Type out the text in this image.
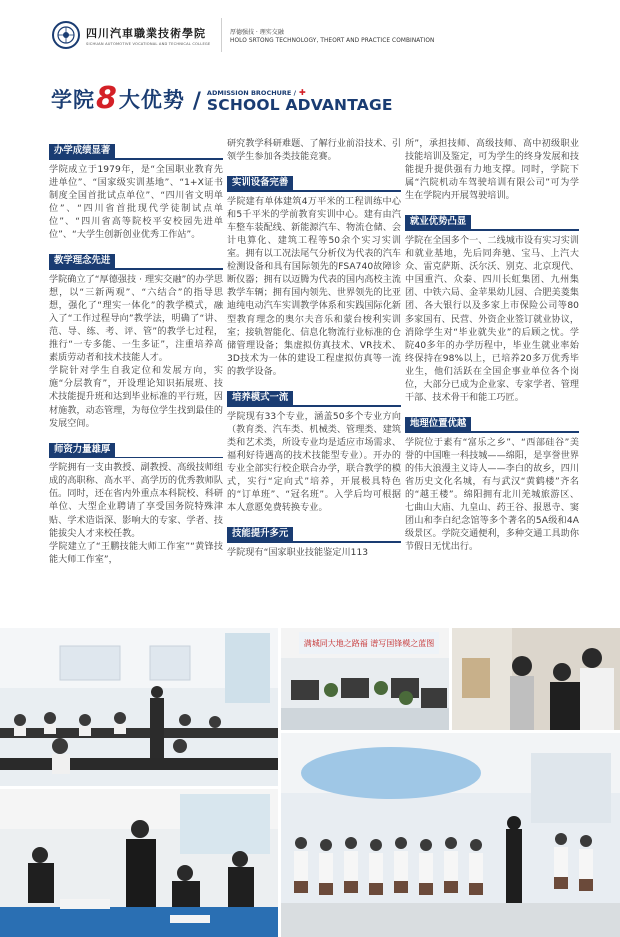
四川汽車職業技術學院
SICHUAN AUTOMOTIVE VOCATIONAL AND TECHNICAL COLLEGE
厚德强技 · 理实交融
HOLO SRTONG TECHNOLOGY, THEORT AND PRACTICE COMBINATION
学院 8 大优势 / ADMISSION BROCHURE / ✚
SCHOOL ADVANTAGE
办学成绩显著

学院成立于1979年，是“全国职业教育先进单位”、“国家级实训基地”、“1+X证书制度全国首批试点单位”、“四川省文明单位”、“四川省首批现代学徒制试点单位”、“四川省高等院校平安校园先进单位”、“大学生创新创业优秀工作站”。

教学理念先进

学院确立了“厚德强技 · 理实交融”的办学思想，以“三新两观”、“六结合”的指导思想，强化了“理实一体化”的教学模式，融入了“工作过程导向”教学法，明确了“讲、范、导、练、考、评、管”的教学七过程，推行“一专多能、一生多证”，注重培养高素质劳动者和技术技能人才。

学院针对学生自我定位和发展方向，实施“分层教育”，开设理论知识拓展班、技术技能提升班和达到毕业标准的平行班，因材施教，动态管理，为每位学生找到最佳的发展空间。

师资力量雄厚

学院拥有一支由教授、副教授、高级技师组成的高职称、高水平、高学历的优秀教师队伍。同时，还在省内外重点本科院校、科研单位、大型企业聘请了享受国务院特殊津贴、学术造诣深、影响大的专家、学者、技能拔尖人才来校任教。

学院建立了“王鹏技能大师工作室”“黄锋技能大师工作室”，

研究教学科研难题、了解行业前沿技术、引领学生参加各类技能竞赛。

实训设备完善

学院建有单体建筑4万平米的工程训练中心和5千平米的学前教育实训中心。建有由汽车整车装配线、新能源汽车、物流仓储、会计电算化、建筑工程等50余个实习实训室。拥有以工况法尾气分析仪为代表的汽车检测设备和具有国际领先的FSA740故障诊断仪器；拥有以迈腾为代表的国内高校主流教学车辆；拥有国内领先、世界领先的比亚迪纯电动汽车实训教学体系和实践国际化新型教育理念的奥尔夫音乐和蒙台梭利实训室；接轨智能化、信息化物流行业标准的仓储管理设备；集虚拟仿真技术、VR技术、3D技术为一体的建设工程虚拟仿真等一流的教学设备。

培养模式一流

学院现有33个专业，涵盖50多个专业方向（教育类、汽车类、机械类、管理类、建筑类和艺术类，所设专业均是适应市场需求、福利好待遇高的技术技能型专业）。开办的专业全部实行校企联合办学，联合教学的模式，实行“定向式”培养，开展极具特色的“订单班”、“冠名班”。入学后均可根据本人意愿免费转换专业。

技能提升多元

学院现有“国家职业技能鉴定川113

所”，承担技师、高级技师、高中初级职业技能培训及鉴定，可为学生的终身发展和技能提升提供强有力地支撑。同时，学院下属“汽院机动车驾驶培训有限公司”可为学生在学院内开展驾驶培训。

就业优势凸显

学院在全国多个一、二线城市设有实习实训和就业基地，先后同奔驰、宝马、上汽大众、雷克萨斯、沃尔沃、别克、北京现代、中国重汽、众泰、四川长虹集团、九州集团、中铁六局、金苹果幼儿园、合肥美菱集团、各大银行以及多家上市保险公司等80多家国有、民营、外资企业签订就业协议，消除学生对“毕业就失业”的后顾之忧。学院40多年的办学历程中，毕业生就业率始终保持在98%以上，已培养20多万优秀毕业生，他们活跃在全国企事业单位各个岗位，大部分已成为企业家、专家学者、管理干部、技术骨干和能工巧匠。

地理位置优越

学院位于素有“富乐之乡”、“西部硅谷”美誉的中国唯一科技城——绵阳，是享誉世界的伟大浪漫主义诗人——李白的故乡，四川省历史文化名城，有与武汉“黄鹤楼”齐名的“越王楼”。绵阳拥有北川羌城旅游区、七曲山大庙、九皇山、药王谷、报恩寺、窦团山和李白纪念馆等多个著名的5A级和4A级景区。学院交通便利，多种交通工具助你节假日无忧出行。

满城同大地之路福 谱写国锋模之蓝图
